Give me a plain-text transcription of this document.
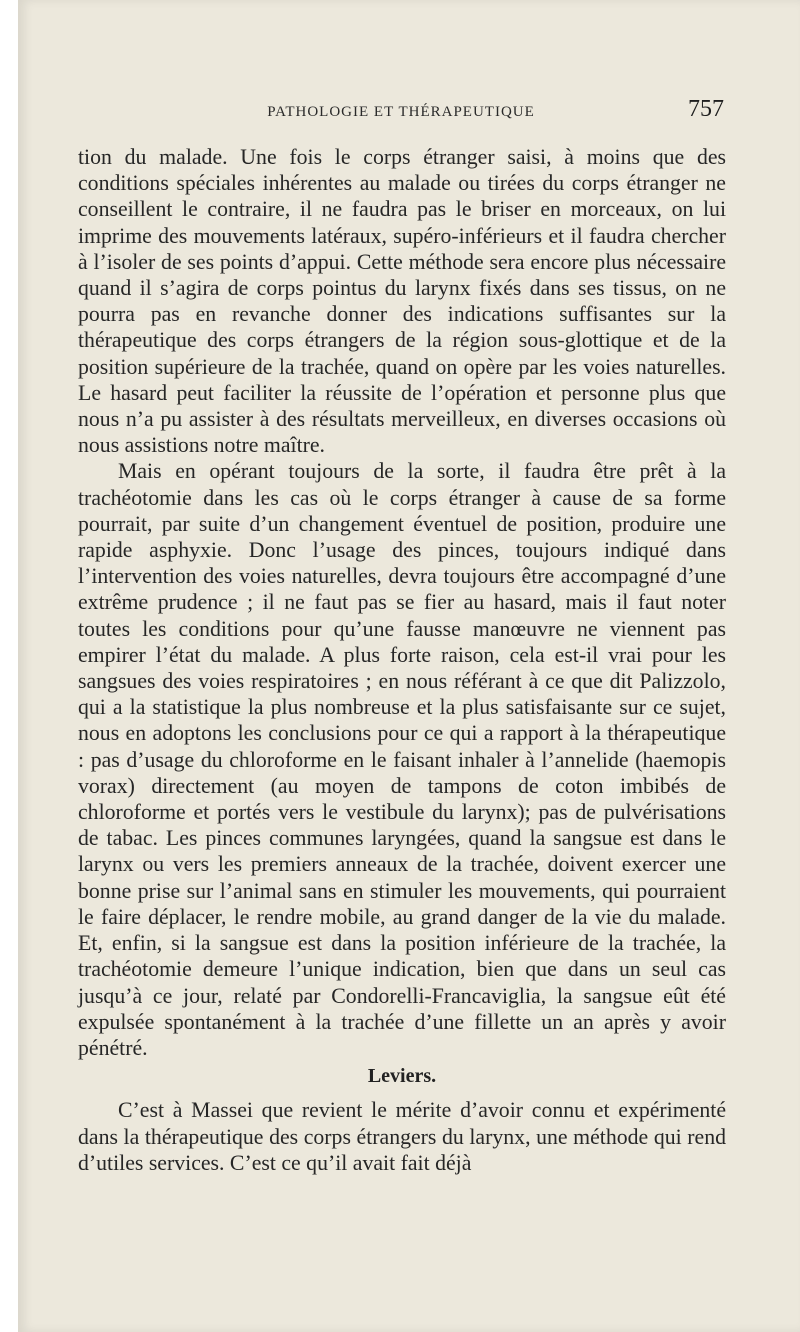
PATHOLOGIE ET THÉRAPEUTIQUE	757

tion du malade. Une fois le corps étranger saisi, à moins que des conditions spéciales inhérentes au malade ou tirées du corps étranger ne conseillent le contraire, il ne faudra pas le briser en morceaux, on lui imprime des mouvements latéraux, supéro-inférieurs et il faudra chercher à l’isoler de ses points d’appui. Cette méthode sera encore plus nécessaire quand il s’agira de corps pointus du larynx fixés dans ses tissus, on ne pourra pas en revanche donner des indications suffisantes sur la thérapeutique des corps étrangers de la région sous-glottique et de la position supérieure de la trachée, quand on opère par les voies naturelles. Le hasard peut faciliter la réussite de l’opération et personne plus que nous n’a pu assister à des résultats merveilleux, en diverses occasions où nous assistions notre maître.

Mais en opérant toujours de la sorte, il faudra être prêt à la trachéotomie dans les cas où le corps étranger à cause de sa forme pourrait, par suite d’un changement éventuel de position, produire une rapide asphyxie. Donc l’usage des pinces, toujours indiqué dans l’intervention des voies naturelles, devra toujours être accompagné d’une extrême prudence ; il ne faut pas se fier au hasard, mais il faut noter toutes les conditions pour qu’une fausse manœuvre ne viennent pas empirer l’état du malade. A plus forte raison, cela est-il vrai pour les sangsues des voies respiratoires ; en nous référant à ce que dit Palizzolo, qui a la statistique la plus nombreuse et la plus satisfaisante sur ce sujet, nous en adoptons les conclusions pour ce qui a rapport à la thérapeutique : pas d’usage du chloroforme en le faisant inhaler à l’annelide (haemopis vorax) directement (au moyen de tampons de coton imbibés de chloroforme et portés vers le vestibule du larynx); pas de pulvérisations de tabac. Les pinces communes laryngées, quand la sangsue est dans le larynx ou vers les premiers anneaux de la trachée, doivent exercer une bonne prise sur l’animal sans en stimuler les mouvements, qui pourraient le faire déplacer, le rendre mobile, au grand danger de la vie du malade. Et, enfin, si la sangsue est dans la position inférieure de la trachée, la trachéotomie demeure l’unique indication, bien que dans un seul cas jusqu’à ce jour, relaté par Condorelli-Francaviglia, la sangsue eût été expulsée spontanément à la trachée d’une fillette un an après y avoir pénétré.

Leviers.

C’est à Massei que revient le mérite d’avoir connu et expérimenté dans la thérapeutique des corps étrangers du larynx, une méthode qui rend d’utiles services. C’est ce qu’il avait fait déjà
